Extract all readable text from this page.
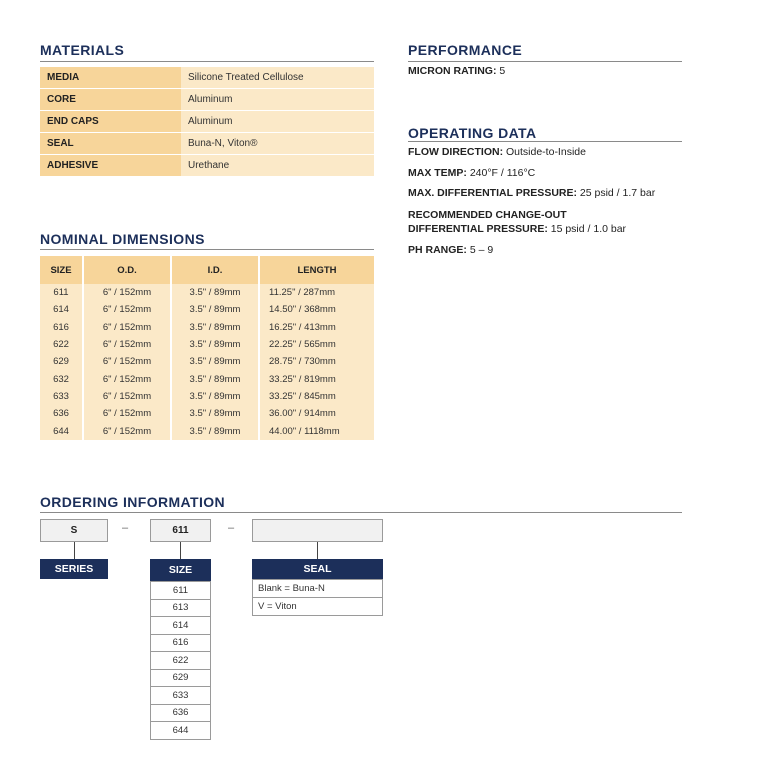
MATERIALS
MEDIA	Silicone Treated Cellulose
CORE	Aluminum
END CAPS	Aluminum
SEAL	Buna-N, Viton®
ADHESIVE	Urethane
NOMINAL DIMENSIONS
SIZE	O.D.	I.D.	LENGTH
611	6" / 152mm	3.5" / 89mm	11.25" / 287mm
614	6" / 152mm	3.5" / 89mm	14.50" / 368mm
616	6" / 152mm	3.5" / 89mm	16.25" / 413mm
622	6" / 152mm	3.5" / 89mm	22.25" / 565mm
629	6" / 152mm	3.5" / 89mm	28.75" / 730mm
632	6" / 152mm	3.5" / 89mm	33.25" / 819mm
633	6" / 152mm	3.5" / 89mm	33.25" / 845mm
636	6" / 152mm	3.5" / 89mm	36.00" / 914mm
644	6" / 152mm	3.5" / 89mm	44.00" / 1118mm
PERFORMANCE
MICRON RATING: 5
OPERATING DATA
FLOW DIRECTION: Outside-to-Inside
MAX TEMP: 240°F / 116°C
MAX. DIFFERENTIAL PRESSURE: 25 psid / 1.7 bar
RECOMMENDED CHANGE-OUT
DIFFERENTIAL PRESSURE: 15 psid / 1.0 bar
PH RANGE: 5 – 9
ORDERING INFORMATION
S	–	611	–
SERIES	SIZE	SEAL
611
613
614
616
622
629
633
636
644
Blank = Buna-N
V = Viton
